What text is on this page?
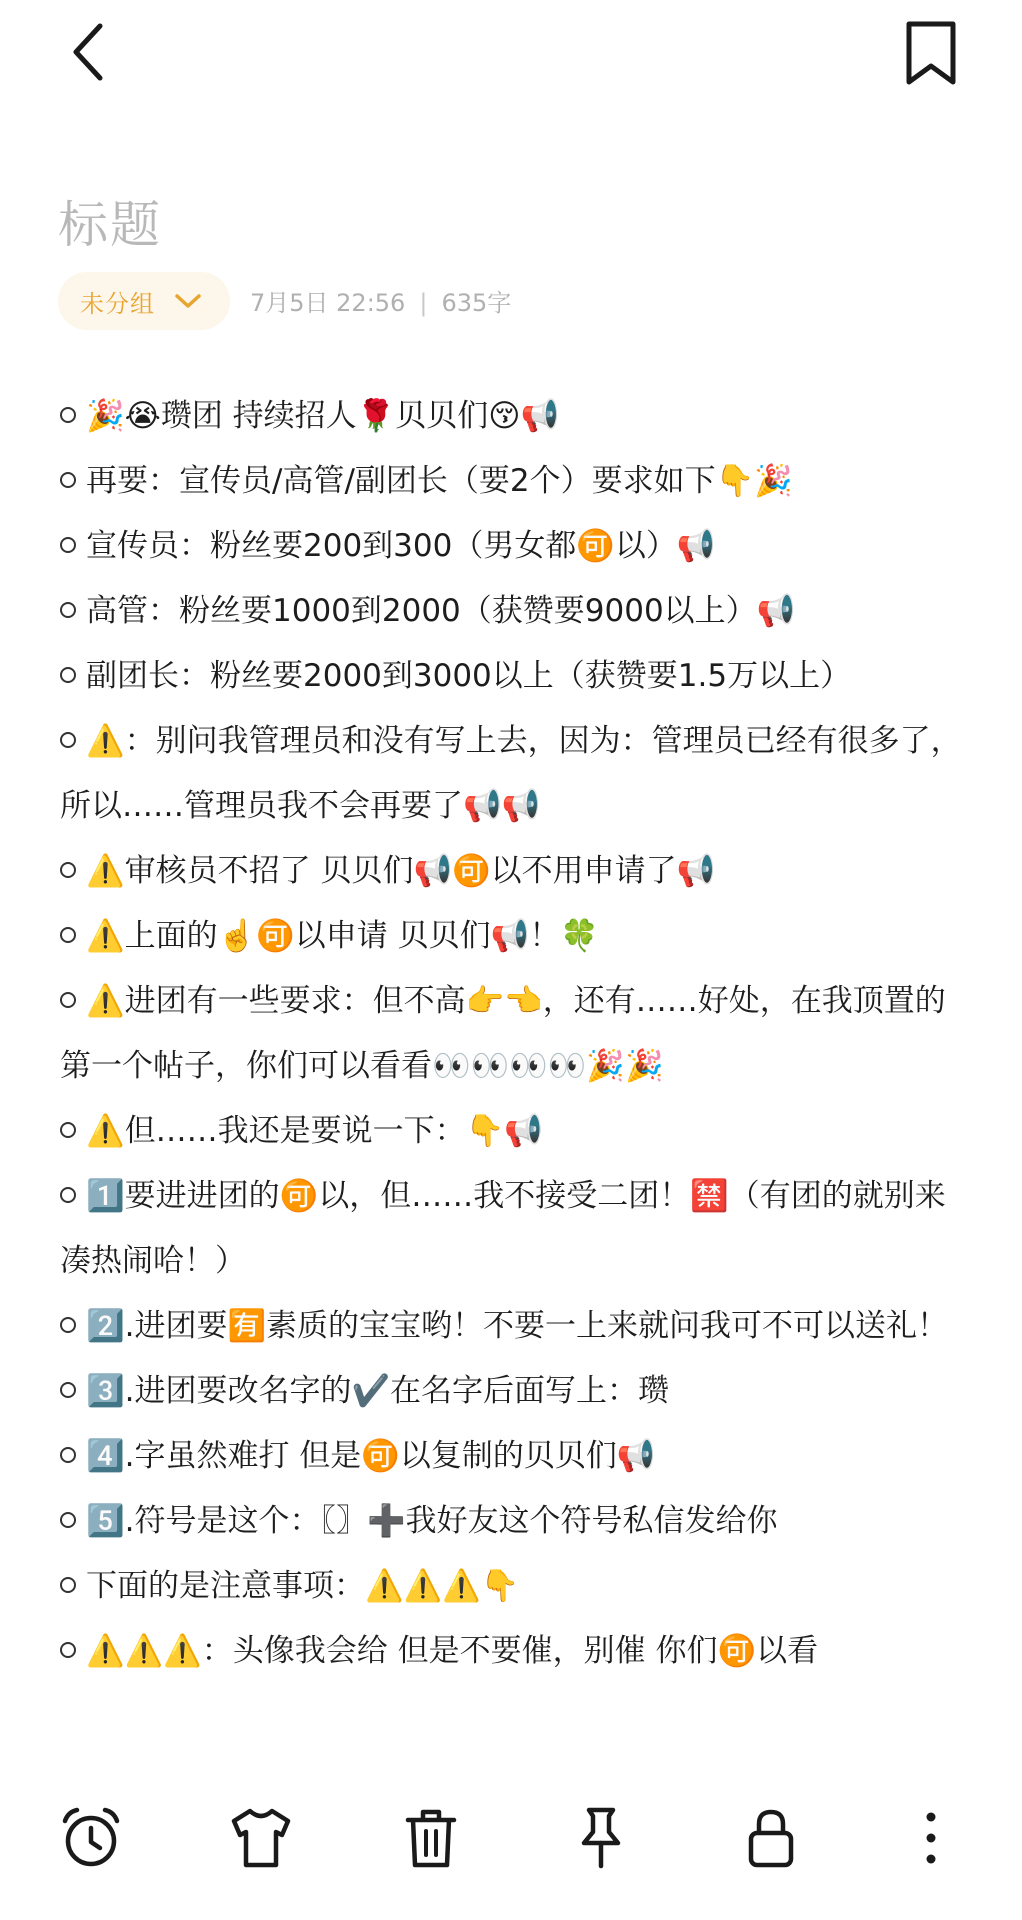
标题
未分组	7月5日 22:56 | 635字
🎉😭瓒团 持续招人🌹贝贝们😚📢
再要：宣传员/高管/副团长（要2个）要求如下👇🎉
宣传员：粉丝要200到300（男女都🉑以）📢
高管：粉丝要1000到2000（获赞要9000以上）📢
副团长：粉丝要2000到3000以上（获赞要1.5万以上）
⚠️：别问我管理员和没有写上去，因为：管理员已经有很多了，所以……管理员我不会再要了📢📢
⚠️审核员不招了 贝贝们📢🉑以不用申请了📢
⚠️上面的☝️🉑以申请 贝贝们📢！🍀
⚠️进团有一些要求：但不高👉👈，还有……好处，在我顶置的第一个帖子，你们可以看看👀👀👀👀🎉🎉
⚠️但……我还是要说一下：👇📢
1️⃣要进进团的🉑以，但……我不接受二团！🈲（有团的就别来凑热闹哈！）
2️⃣.进团要🈶素质的宝宝哟！不要一上来就问我可不可以送礼！
3️⃣.进团要改名字的✔️在名字后面写上：瓒
4️⃣.字虽然难打 但是🉑以复制的贝贝们📢
5️⃣.符号是这个：〖〗➕我好友这个符号私信发给你
下面的是注意事项：⚠️⚠️⚠️👇
⚠️⚠️⚠️：头像我会给 但是不要催，别催 你们🉑以看
